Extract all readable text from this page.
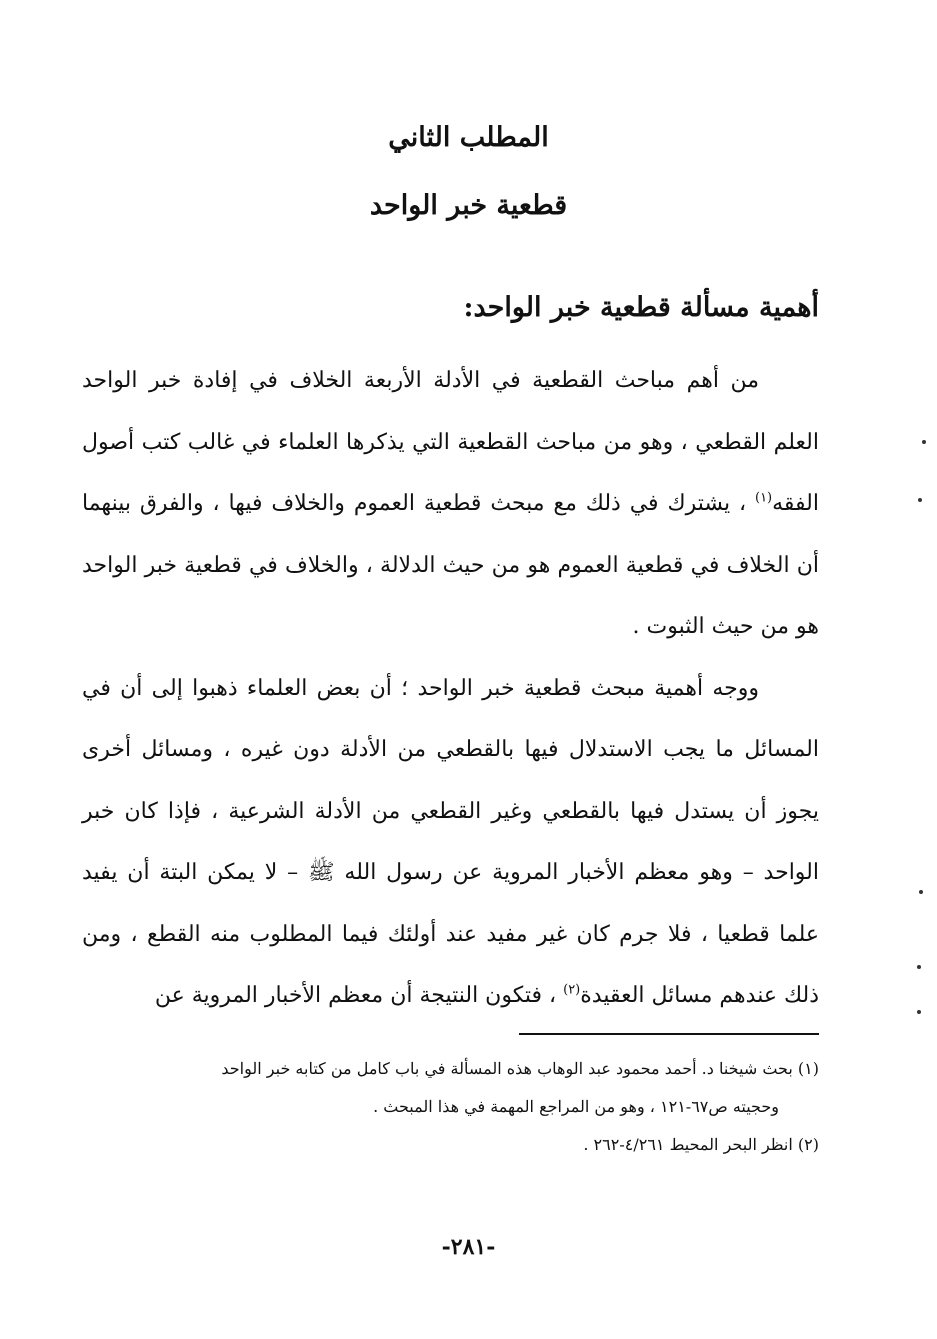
المطلب الثاني
قطعية خبر الواحد
أهمية مسألة قطعية خبر الواحد:

من أهم مباحث القطعية في الأدلة الأربعة الخلاف في إفادة خبر الواحد العلم القطعي ، وهو من مباحث القطعية التي يذكرها العلماء في غالب كتب أصول الفقه$^{(١)}$ ، يشترك في ذلك مع مبحث قطعية العموم والخلاف فيها ، والفرق بينهما أن الخلاف في قطعية العموم هو من حيث الدلالة ، والخلاف في قطعية خبر الواحد هو من حيث الثبوت .

ووجه أهمية مبحث قطعية خبر الواحد ؛ أن بعض العلماء ذهبوا إلى أن في المسائل ما يجب الاستدلال فيها بالقطعي من الأدلة دون غيره ، ومسائل أخرى يجوز أن يستدل فيها بالقطعي وغير القطعي من الأدلة الشرعية ، فإذا كان خبر الواحد – وهو معظم الأخبار المروية عن رسول الله ﷺ – لا يمكن البتة أن يفيد علما قطعيا ، فلا جرم كان غير مفيد عند أولئك فيما المطلوب منه القطع ، ومن ذلك عندهم مسائل العقيدة$^{(٢)}$ ، فتكون النتيجة أن معظم الأخبار المروية عن

(١) بحث شيخنا د. أحمد محمود عبد الوهاب هذه المسألة في باب كامل من كتابه خبر الواحد
وحجيته ص٦٧-١٢١ ، وهو من المراجع المهمة في هذا المبحث .

(٢) انظر البحر المحيط ٤/٢٦١-٢٦٢ .

-٢٨١-
